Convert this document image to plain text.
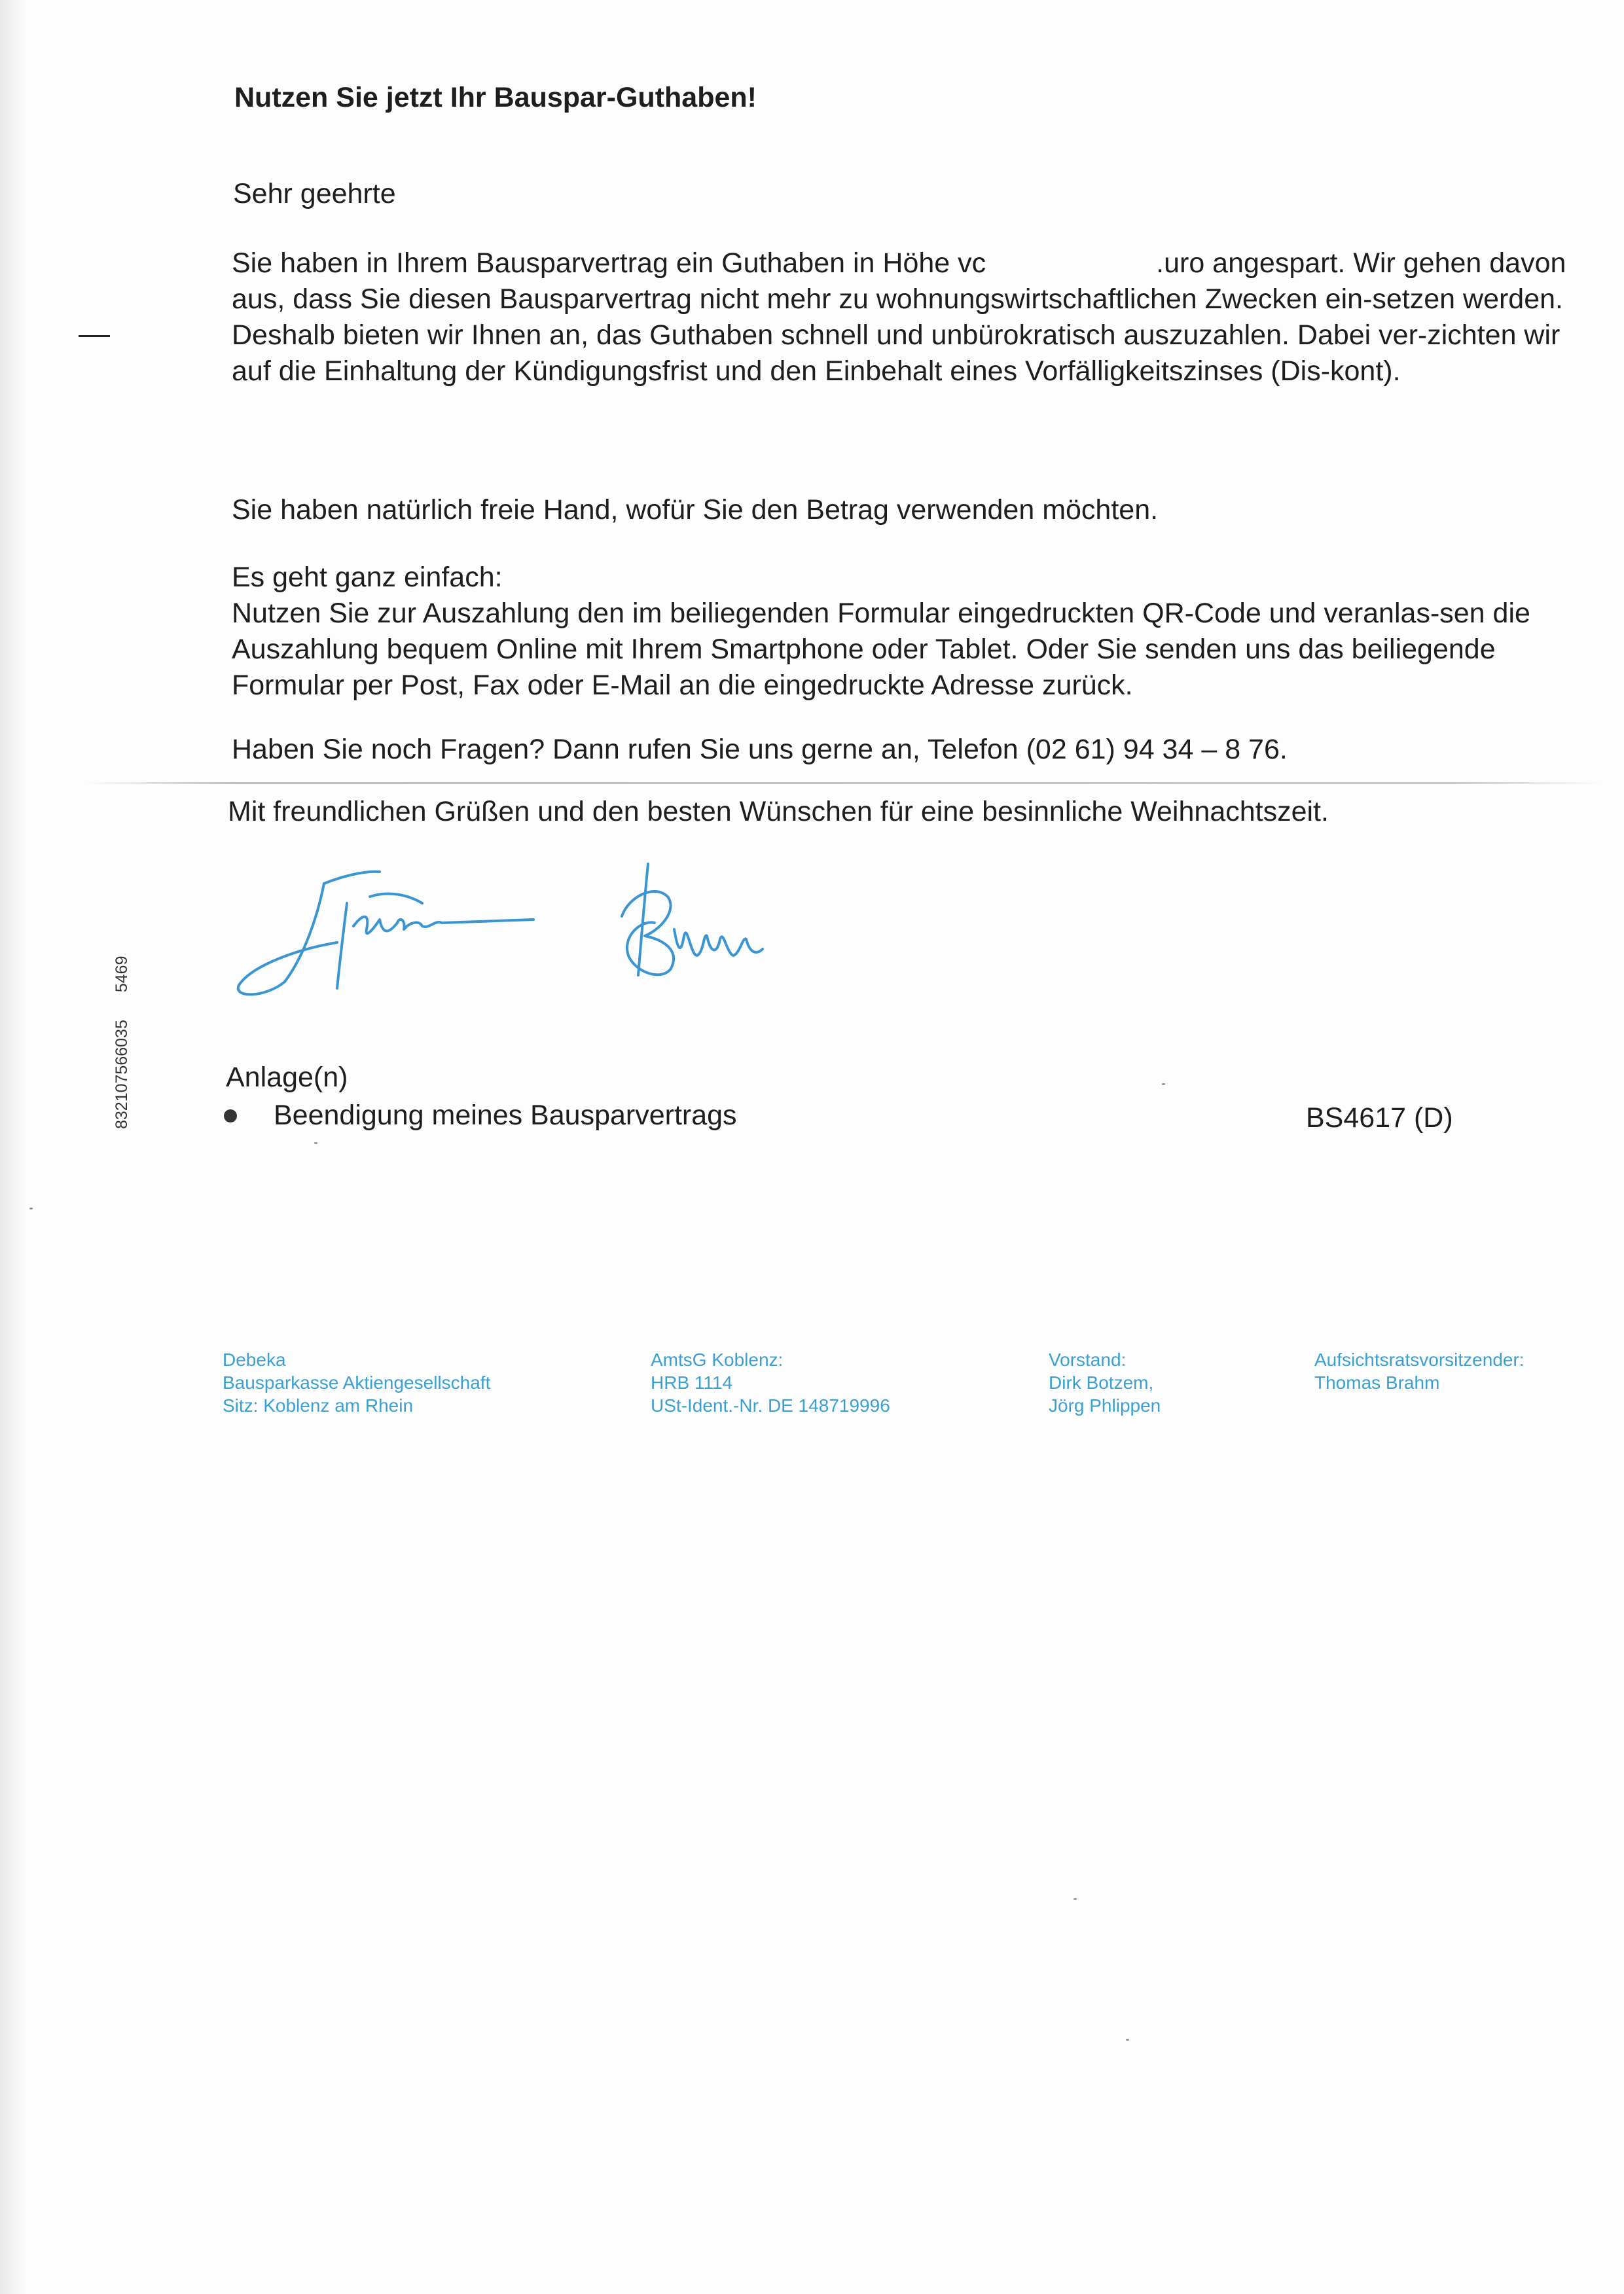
Nutzen Sie jetzt Ihr Bauspar-Guthaben!
Sehr geehrte

Sie haben in Ihrem Bausparvertrag ein Guthaben in Höhe vc	.uro angespart. Wir gehen davon aus, dass Sie diesen Bausparvertrag nicht mehr zu wohnungswirtschaftlichen Zwecken ein-setzen werden.
Deshalb bieten wir Ihnen an, das Guthaben schnell und unbürokratisch auszuzahlen. Dabei ver-zichten wir auf die Einhaltung der Kündigungsfrist und den Einbehalt eines Vorfälligkeitszinses (Dis-kont).

Sie haben natürlich freie Hand, wofür Sie den Betrag verwenden möchten.

Es geht ganz einfach:
Nutzen Sie zur Auszahlung den im beiliegenden Formular eingedruckten QR-Code und veranlas-sen die Auszahlung bequem Online mit Ihrem Smartphone oder Tablet. Oder Sie senden uns das beiliegende Formular per Post, Fax oder E-Mail an die eingedruckte Adresse zurück.

Haben Sie noch Fragen? Dann rufen Sie uns gerne an, Telefon (02 61) 94 34 – 8 76.

Mit freundlichen Grüßen und den besten Wünschen für eine besinnliche Weihnachtszeit.
8321075660355469
Anlage(n)
Beendigung meines Bausparvertrags	BS4617 (D)
Debeka
Bausparkasse Aktiengesellschaft
Sitz: Koblenz am Rhein
AmtsG Koblenz:
HRB 1114
USt-Ident.-Nr. DE 148719996
Vorstand:
Dirk Botzem,
Jörg Phlippen
Aufsichtsratsvorsitzender:
Thomas Brahm
